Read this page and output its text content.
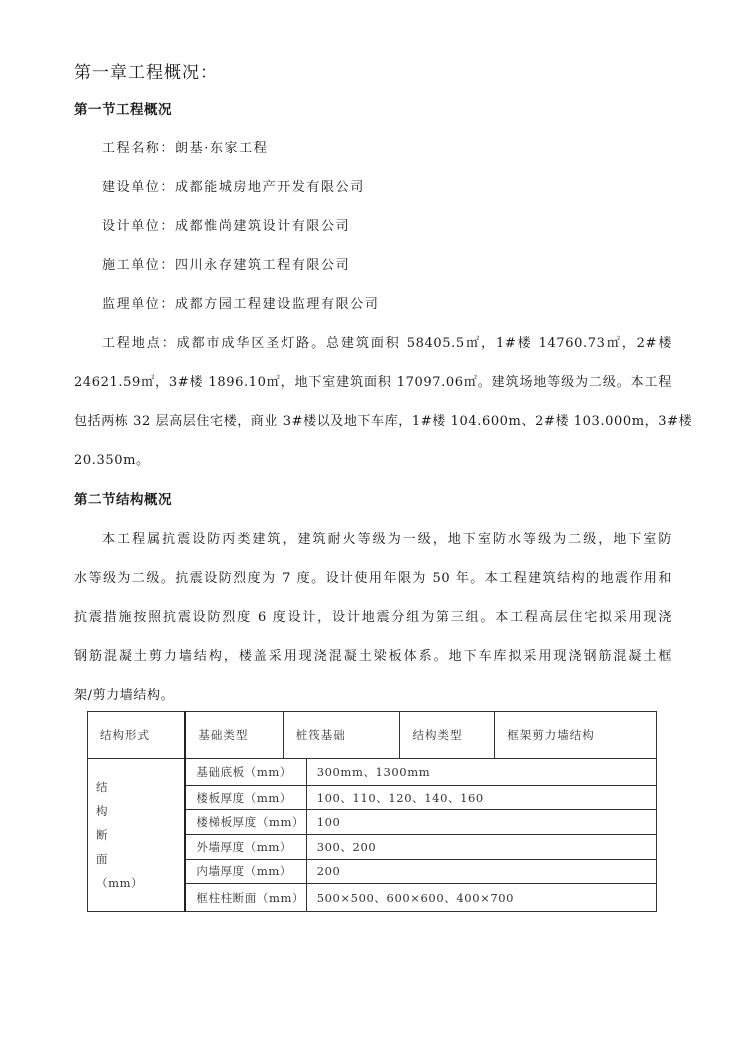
第一章工程概况：
第一节工程概况
工程名称：朗基·东家工程
建设单位：成都能城房地产开发有限公司
设计单位：成都惟尚建筑设计有限公司
施工单位：四川永存建筑工程有限公司
监理单位：成都方园工程建设监理有限公司
工程地点：成都市成华区圣灯路。总建筑面积 58405.5㎡，1#楼 14760.73㎡，2#楼
24621.59㎡，3#楼 1896.10㎡，地下室建筑面积 17097.06㎡。建筑场地等级为二级。本工程
包括两栋 32 层高层住宅楼，商业 3#楼以及地下车库，1#楼 104.600m、2#楼 103.000m，3#楼
20.350m。
第二节结构概况
本工程属抗震设防丙类建筑，建筑耐火等级为一级，地下室防水等级为二级，地下室防
水等级为二级。抗震设防烈度为 7 度。设计使用年限为 50 年。本工程建筑结构的地震作用和
抗震措施按照抗震设防烈度 6 度设计，设计地震分组为第三组。本工程高层住宅拟采用现浇
钢筋混凝土剪力墙结构，楼盖采用现浇混凝土梁板体系。地下车库拟采用现浇钢筋混凝土框
架/剪力墙结构。
结构形式	基础类型	桩筏基础		结构类型	框架剪力墙结构

结
构
断
面
（mm）	基础底板（mm）		300mm、1300mm		
	楼板厚度（mm）		100、110、120、140、160		
	楼梯板厚度（mm）		100		
	外墙厚度（mm）		300、200		
	内墙厚度（mm）		200		
	框柱柱断面（mm）		500×500、600×600、400×700		
